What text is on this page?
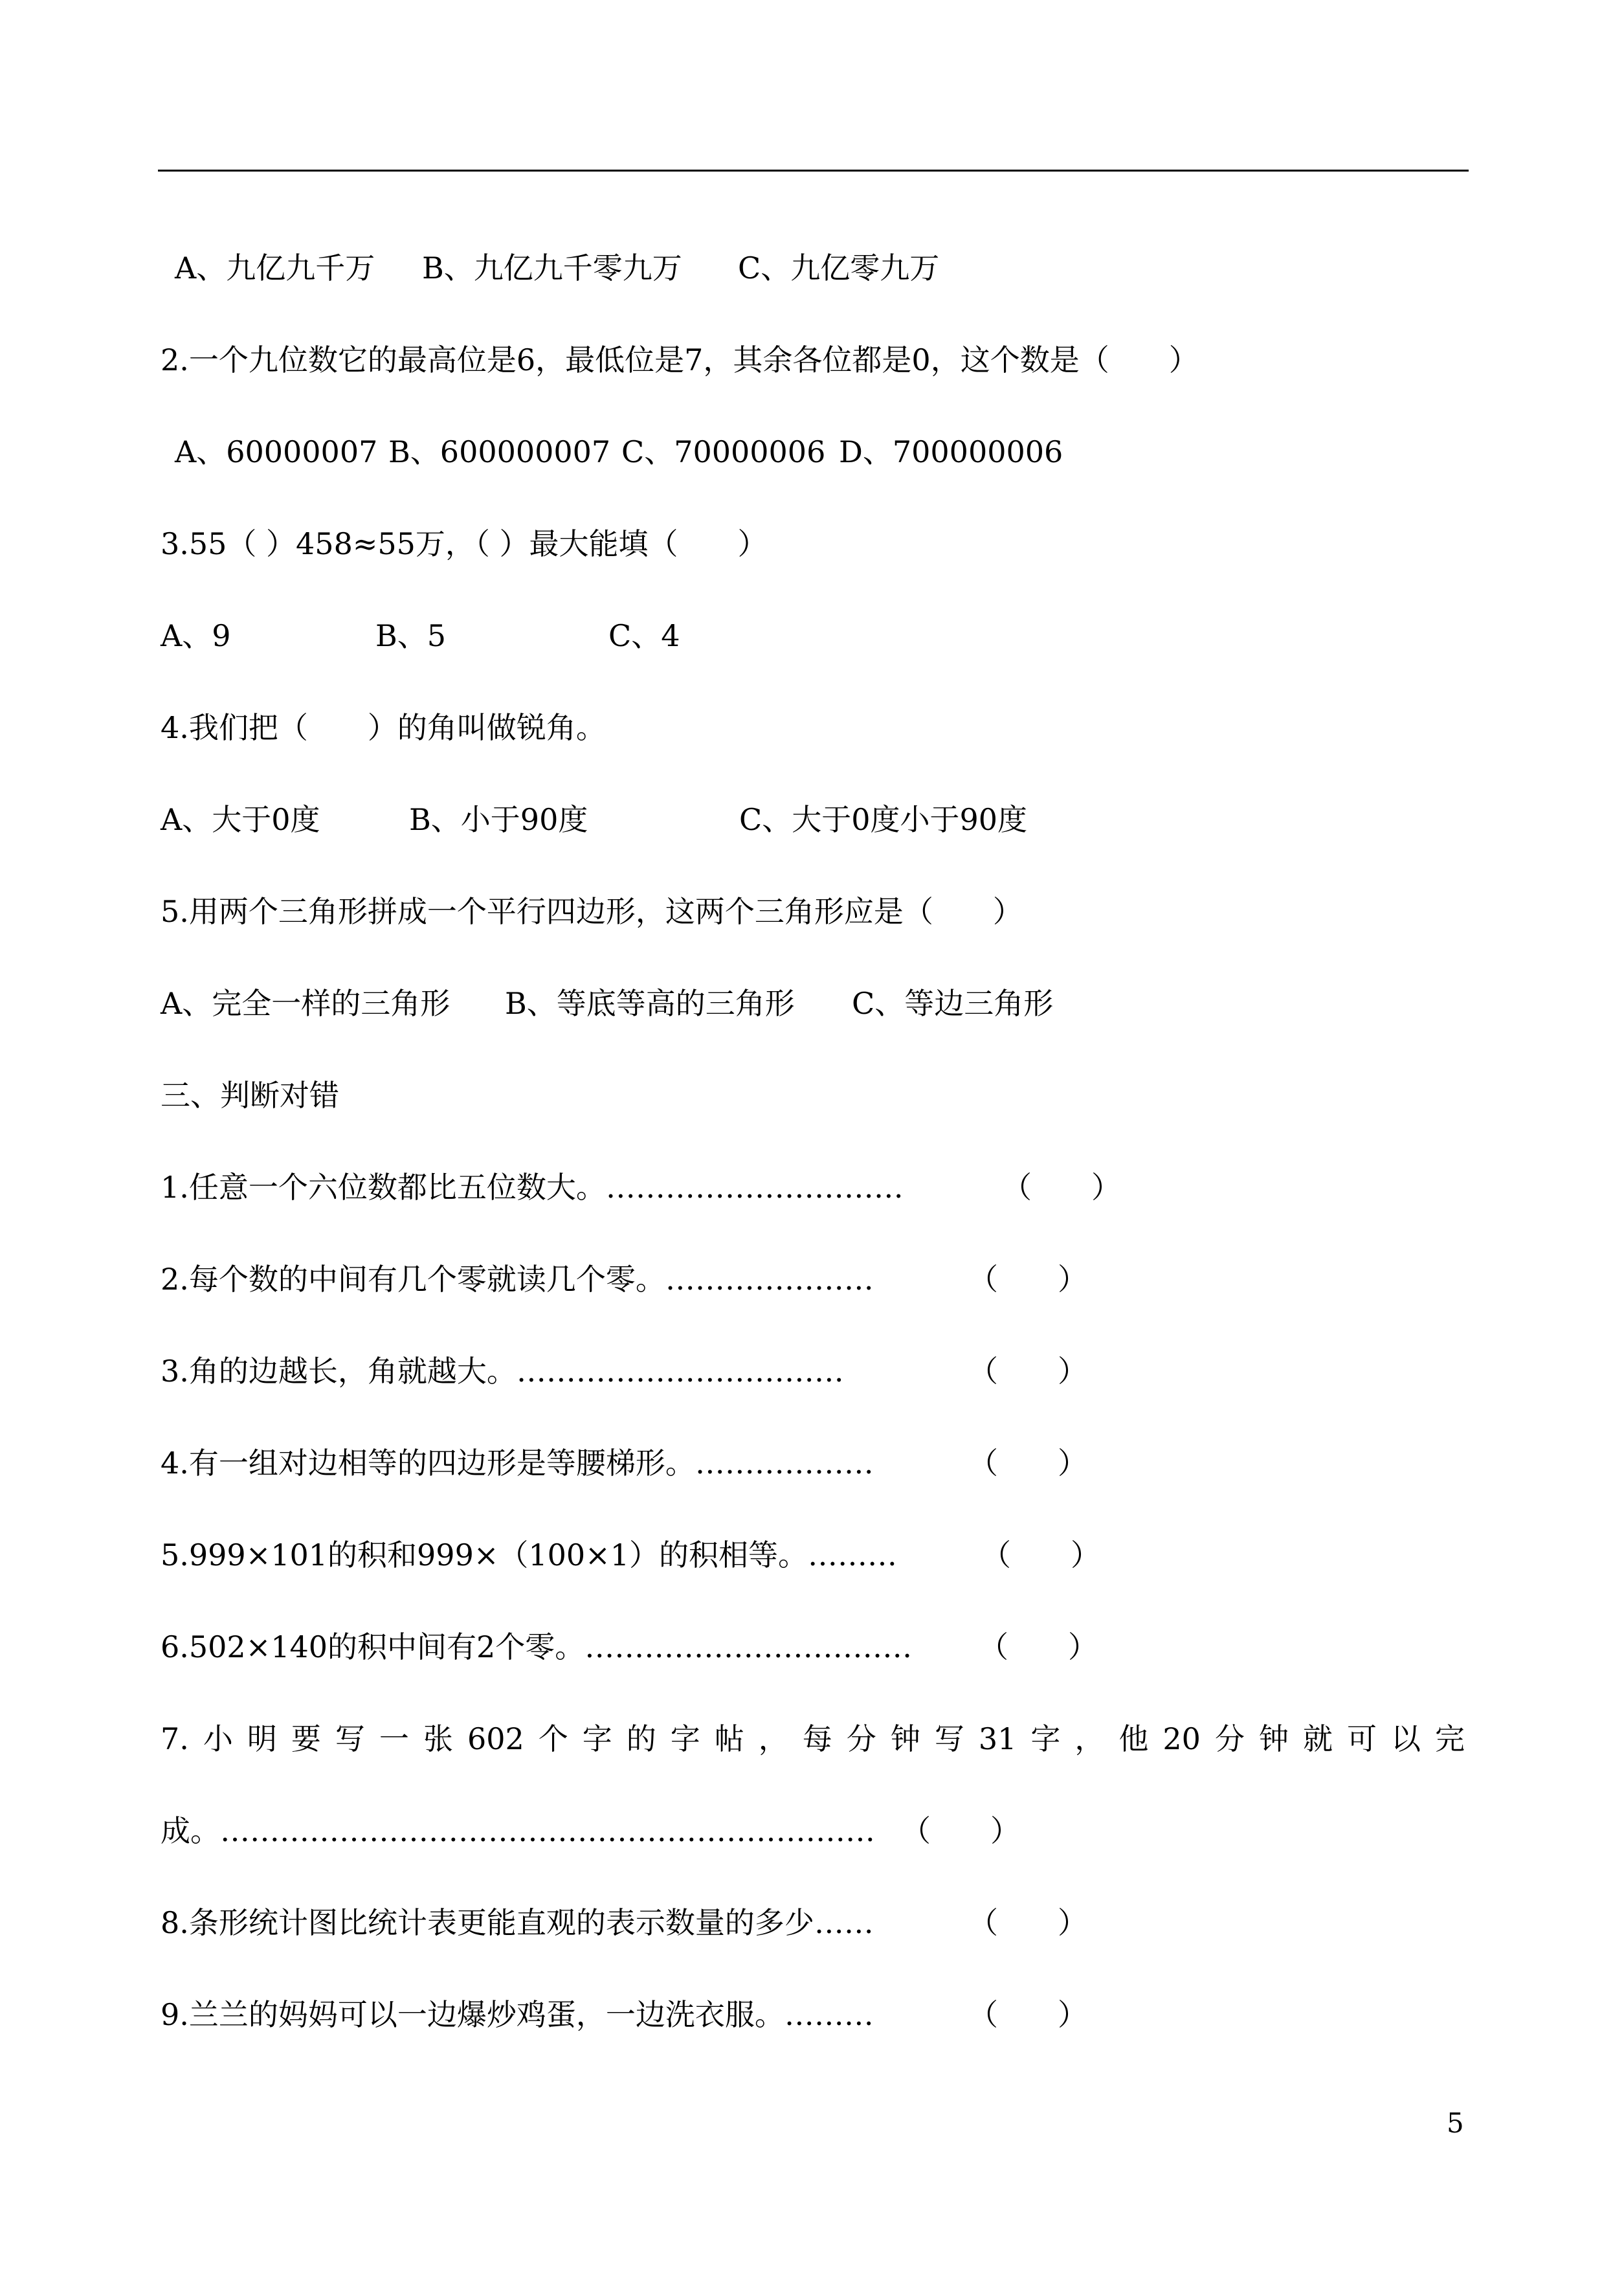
A、九亿九千万 B、九亿九千零九万 C、九亿零九万
2.一个九位数它的最高位是6，最低位是7，其余各位都是0，这个数是（　　）
A、60000007 B、600000007 C、70000006 D、700000006
3.55（ ）458≈55万，（ ）最大能填（　　）
A、9	B、5	C、4
4.我们把（　　）的角叫做锐角。
A、大于0度	B、小于90度	C、大于0度小于90度
5.用两个三角形拼成一个平行四边形，这两个三角形应是（　　）
A、完全一样的三角形 B、等底等高的三角形 C、等边三角形
三、判断对错
1.任意一个六位数都比五位数大。…………………………	（　　）
2.每个数的中间有几个零就读几个零。…………………	（　　）
3.角的边越长，角就越大。……………………………	（　　）
4.有一组对边相等的四边形是等腰梯形。………………	（　　）
5.999×101的积和999×（100×1）的积相等。………	（　　）
6.502×140的积中间有2个零。…………………………… （　　）
7.小明要写一张602个字的字帖，每分钟写31字，他20分钟就可以完
成。………………………………………………………… （　　）
8.条形统计图比统计表更能直观的表示数量的多少……	（　　）
9.兰兰的妈妈可以一边爆炒鸡蛋，一边洗衣服。………	（　　）
5
